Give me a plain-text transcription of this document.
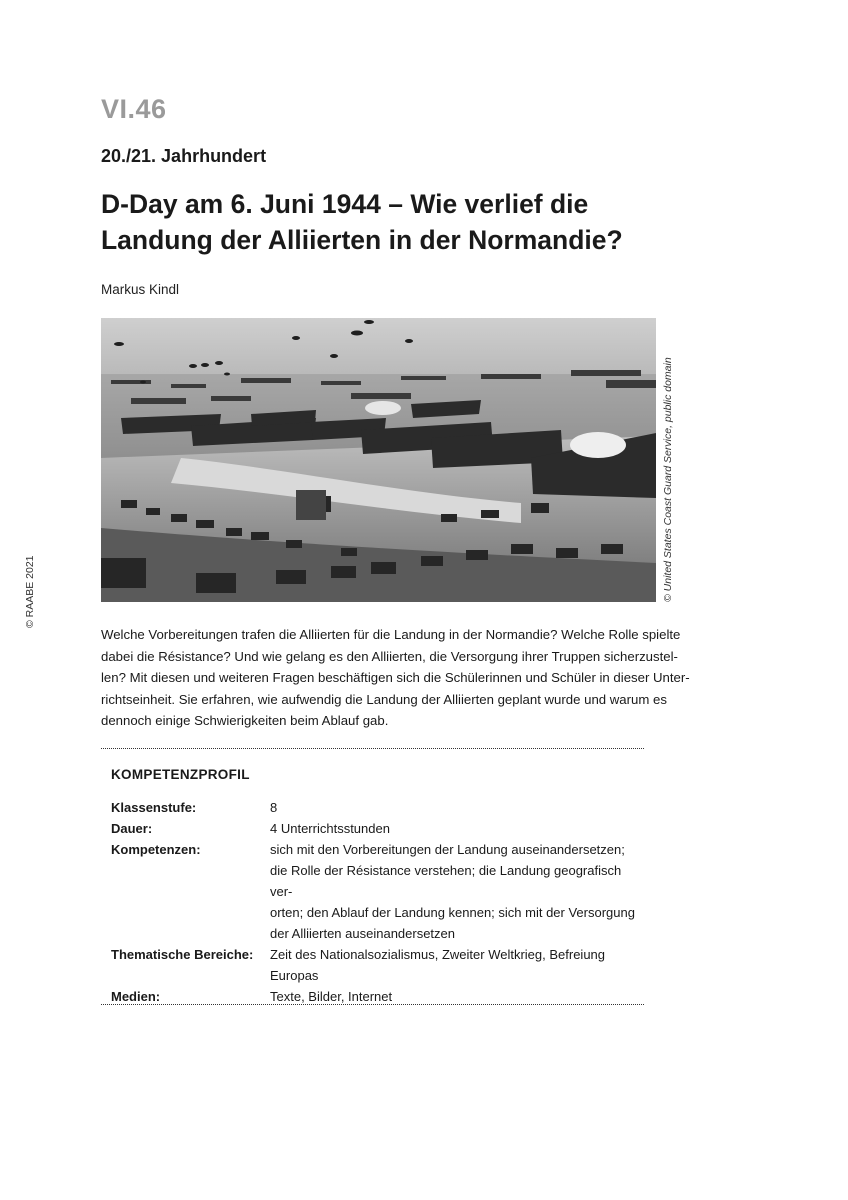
VI.46
20./21. Jahrhundert
D-Day am 6. Juni 1944 – Wie verlief die
Landung der Alliierten in der Normandie?
Markus Kindl
© RAABE 2021	© United States Coast Guard Service, public domain
Welche Vorbereitungen trafen die Alliierten für die Landung in der Normandie? Welche Rolle spielte
dabei die Résistance? Und wie gelang es den Alliierten, die Versorgung ihrer Truppen sicherzustel-
len? Mit diesen und weiteren Fragen beschäftigen sich die Schülerinnen und Schüler in dieser Unter-
richtseinheit. Sie erfahren, wie aufwendig die Landung der Alliierten geplant wurde und warum es
dennoch einige Schwierigkeiten beim Ablauf gab.
KOMPETENZPROFIL
Klassenstufe:	8
Dauer:	4 Unterrichtsstunden
Kompetenzen:	sich mit den Vorbereitungen der Landung auseinandersetzen;
die Rolle der Résistance verstehen; die Landung geografisch ver-
orten; den Ablauf der Landung kennen; sich mit der Versorgung
der Alliierten auseinandersetzen
Thematische Bereiche:	Zeit des Nationalsozialismus, Zweiter Weltkrieg, Befreiung
Europas
Medien:	Texte, Bilder, Internet
